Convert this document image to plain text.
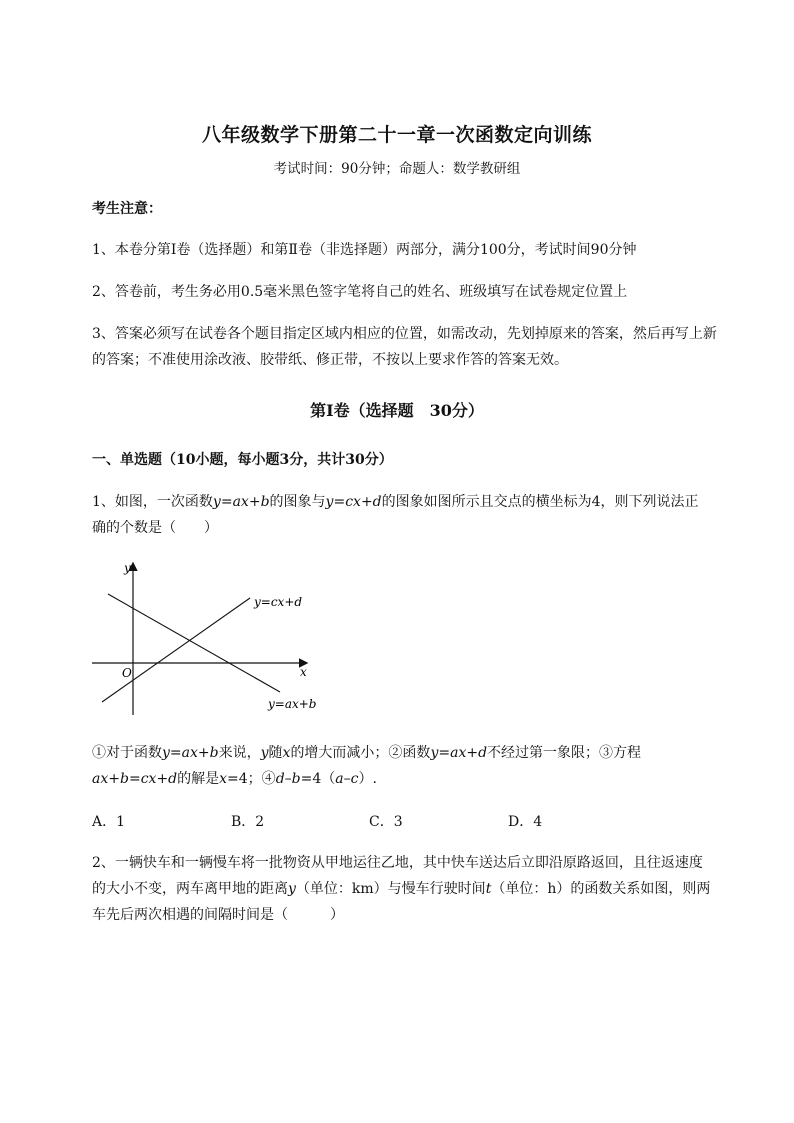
八年级数学下册第二十一章一次函数定向训练
考试时间：90分钟；命题人：数学教研组
考生注意：
1、本卷分第I卷（选择题）和第Ⅱ卷（非选择题）两部分，满分100分，考试时间90分钟
2、答卷前，考生务必用0.5毫米黑色签字笔将自己的姓名、班级填写在试卷规定位置上
3、答案必须写在试卷各个题目指定区域内相应的位置，如需改动，先划掉原来的答案，然后再写上新
的答案；不准使用涂改液、胶带纸、修正带，不按以上要求作答的答案无效。
第I卷（选择题　30分）
一、单选题（10小题，每小题3分，共计30分）
1、如图，一次函数y=ax+b的图象与y=cx+d的图象如图所示且交点的横坐标为4，则下列说法正
确的个数是（　　）
y
x
O
y=cx+d
y=ax+b
①对于函数y=ax+b来说，y随x的增大而减小；②函数y=ax+d不经过第一象限；③方程
ax+b=cx+d的解是x=4；④d–b=4（a–c）.
A．1	B．2	C．3	D．4
2、一辆快车和一辆慢车将一批物资从甲地运往乙地，其中快车送达后立即沿原路返回，且往返速度
的大小不变，两车离甲地的距离y（单位：km）与慢车行驶时间t（单位：h）的函数关系如图，则两
车先后两次相遇的间隔时间是（　　　）
